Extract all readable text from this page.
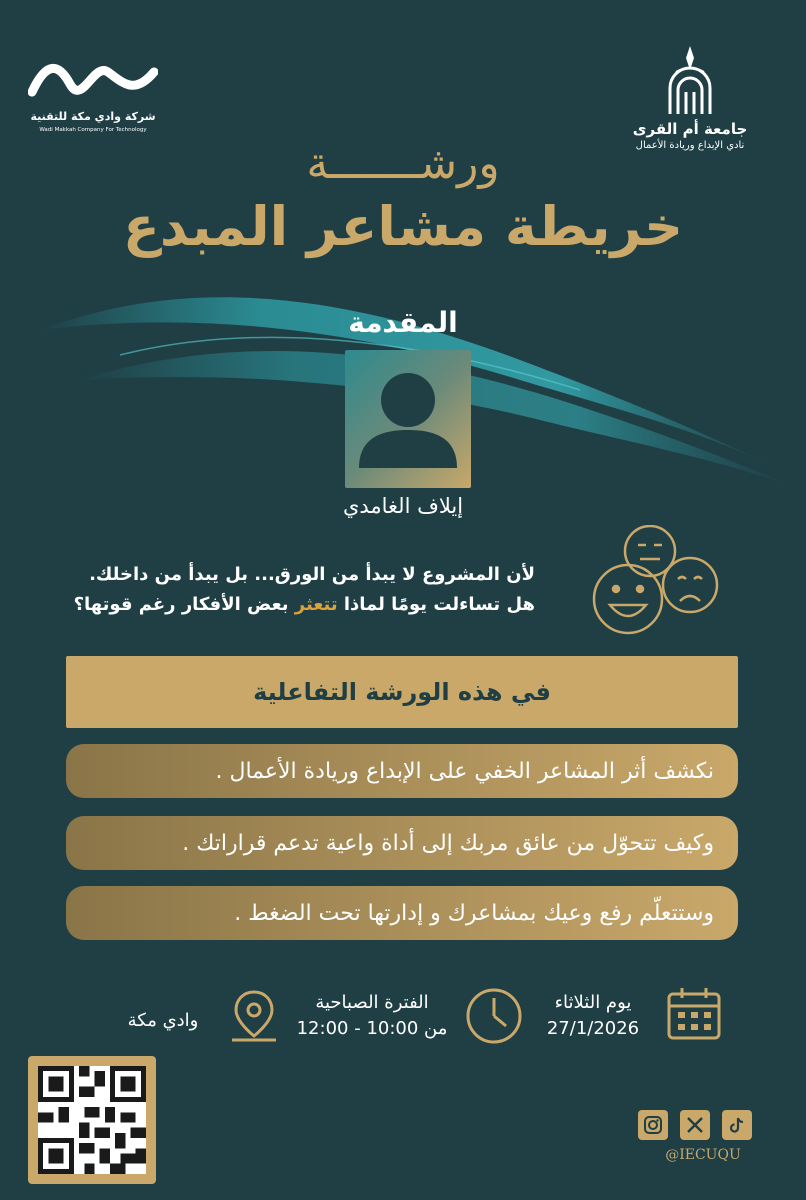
شركة وادي مكة للتقنية
Wadi Makkah Company For Technology	جامعة أم القرى
نادي الإبداع وريادة الأعمال
ورشـــــــة
خريطة مشاعر المبدع
المقدمة
إيلاف الغامدي
لأن المشروع لا يبدأ من الورق... بل يبدأ من داخلك.
هل تساءلت يومًا لماذا تتعثر بعض الأفكار رغم قوتها؟
في هذه الورشة التفاعلية
نكشف أثر المشاعر الخفي على الإبداع وريادة الأعمال .
وكيف تتحوّل من عائق مربك إلى أداة واعية تدعم قراراتك .
وستتعلّم رفع وعيك بمشاعرك و إدارتها تحت الضغط .
يوم الثلاثاء
27/1/2026
الفترة الصباحية
من 10:00 - 12:00
وادي مكة
@IECUQU
